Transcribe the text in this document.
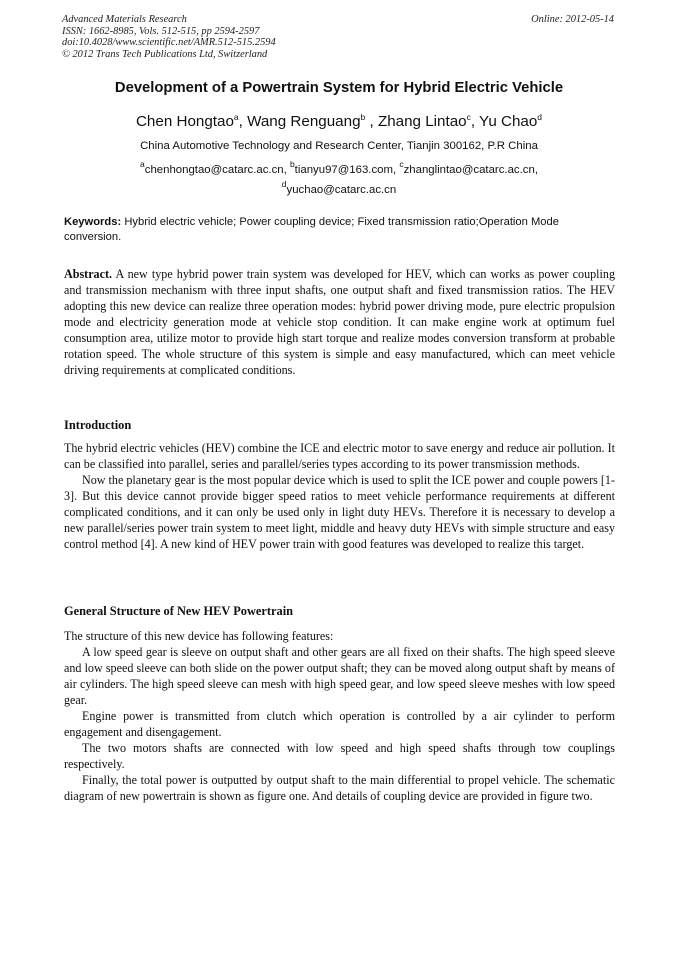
Advanced Materials Research
ISSN: 1662-8985, Vols. 512-515, pp 2594-2597
doi:10.4028/www.scientific.net/AMR.512-515.2594
© 2012 Trans Tech Publications Ltd, Switzerland
Online: 2012-05-14
Development of a Powertrain System for Hybrid Electric Vehicle
Chen Hongtao$^a$, Wang Renguang$^b$ , Zhang Lintao$^c$, Yu Chao$^d$
China Automotive Technology and Research Center, Tianjin 300162, P.R China
$^a$chenhongtao@catarc.ac.cn, $^b$tianyu97@163.com, $^c$zhanglintao@catarc.ac.cn,
$^d$yuchao@catarc.ac.cn
Keywords: Hybrid electric vehicle; Power coupling device; Fixed transmission ratio;Operation Mode conversion.

Abstract. A new type hybrid power train system was developed for HEV, which can works as power coupling and transmission mechanism with three input shafts, one output shaft and fixed transmission ratios. The HEV adopting this new device can realize three operation modes: hybrid power driving mode, pure electric propulsion mode and electricity generation mode at vehicle stop condition. It can make engine work at optimum fuel consumption area, utilize motor to provide high start torque and realize modes conversion transform at probable rotation speed. The whole structure of this system is simple and easy manufactured, which can meet vehicle driving requirements at complicated conditions.

Introduction

The hybrid electric vehicles (HEV) combine the ICE and electric motor to save energy and reduce air pollution. It can be classified into parallel, series and parallel/series types according to its power transmission methods.

Now the planetary gear is the most popular device which is used to split the ICE power and couple powers [1-3]. But this device cannot provide bigger speed ratios to meet vehicle performance requirements at different complicated conditions, and it can only be used only in light duty HEVs. Therefore it is necessary to develop a new parallel/series power train system to meet light, middle and heavy duty HEVs with simple structure and easy control method [4]. A new kind of HEV power train with good features was developed to realize this target.

General Structure of New HEV Powertrain

The structure of this new device has following features:

A low speed gear is sleeve on output shaft and other gears are all fixed on their shafts. The high speed sleeve and low speed sleeve can both slide on the power output shaft; they can be moved along output shaft by means of air cylinders. The high speed sleeve can mesh with high speed gear, and low speed sleeve meshes with low speed gear.

Engine power is transmitted from clutch which operation is controlled by a air cylinder to perform engagement and disengagement.

The two motors shafts are connected with low speed and high speed shafts through tow couplings respectively.

Finally, the total power is outputted by output shaft to the main differential to propel vehicle. The schematic diagram of new powertrain is shown as figure one. And details of coupling device are provided in figure two.
